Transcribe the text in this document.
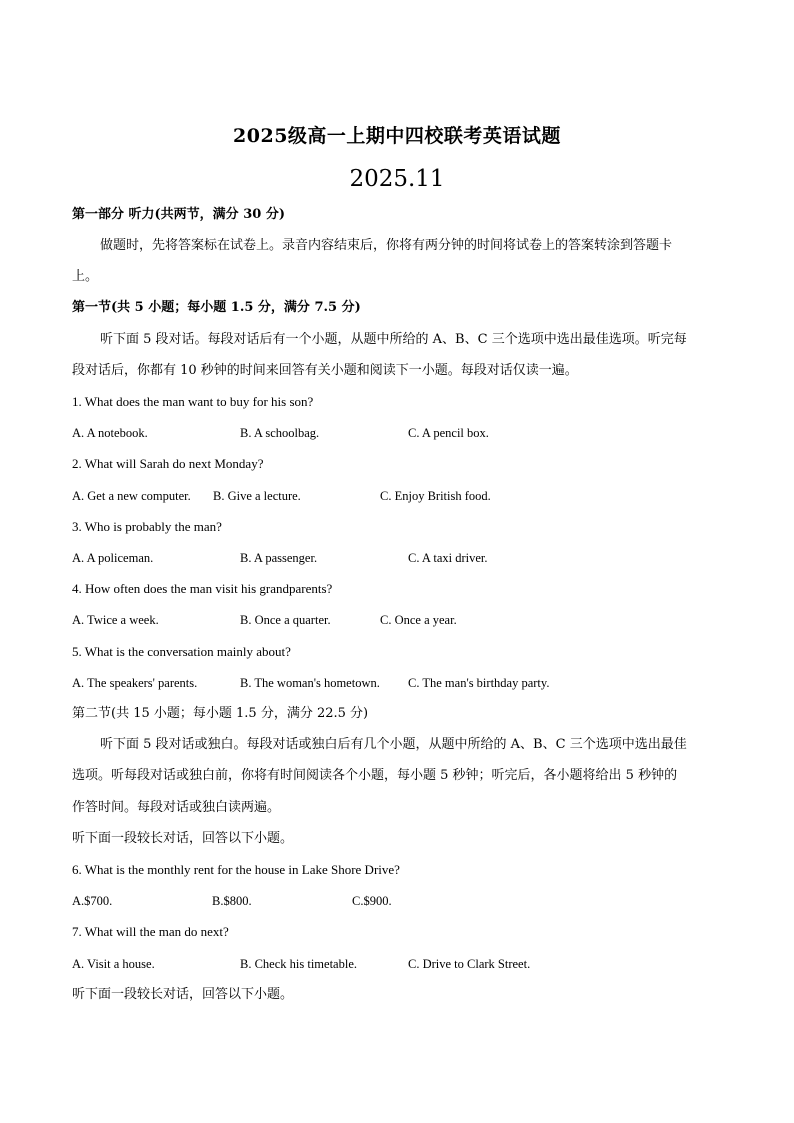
2025级高一上期中四校联考英语试题
2025.11
第一部分 听力(共两节，满分 30 分)
做题时，先将答案标在试卷上。录音内容结束后，你将有两分钟的时间将试卷上的答案转涂到答题卡
上。
第一节(共 5 小题；每小题 1.5 分，满分 7.5 分)
听下面 5 段对话。每段对话后有一个小题，从题中所给的 A、B、C 三个选项中选出最佳选项。听完每
段对话后，你都有 10 秒钟的时间来回答有关小题和阅读下一小题。每段对话仅读一遍。
1. What does the man want to buy for his son?
A. A notebook.	B. A schoolbag.	C. A pencil box.
2. What will Sarah do next Monday?
A. Get a new computer. B. Give a lecture.	C. Enjoy British food.
3. Who is probably the man?
A. A policeman.	B. A passenger.	C. A taxi driver.
4. How often does the man visit his grandparents?
A. Twice a week.	B. Once a quarter.	C. Once a year.
5. What is the conversation mainly about?
A. The speakers' parents.	B. The woman's hometown. C. The man's birthday party.
第二节(共 15 小题；每小题 1.5 分，满分 22.5 分)
听下面 5 段对话或独白。每段对话或独白后有几个小题，从题中所给的 A、B、C 三个选项中选出最佳
选项。听每段对话或独白前，你将有时间阅读各个小题，每小题 5 秒钟；听完后，各小题将给出 5 秒钟的
作答时间。每段对话或独白读两遍。
听下面一段较长对话，回答以下小题。
6. What is the monthly rent for the house in Lake Shore Drive?
A.$700.	B.$800.	C.$900.
7. What will the man do next?
A. Visit a house.	B. Check his timetable.	C. Drive to Clark Street.
听下面一段较长对话，回答以下小题。
